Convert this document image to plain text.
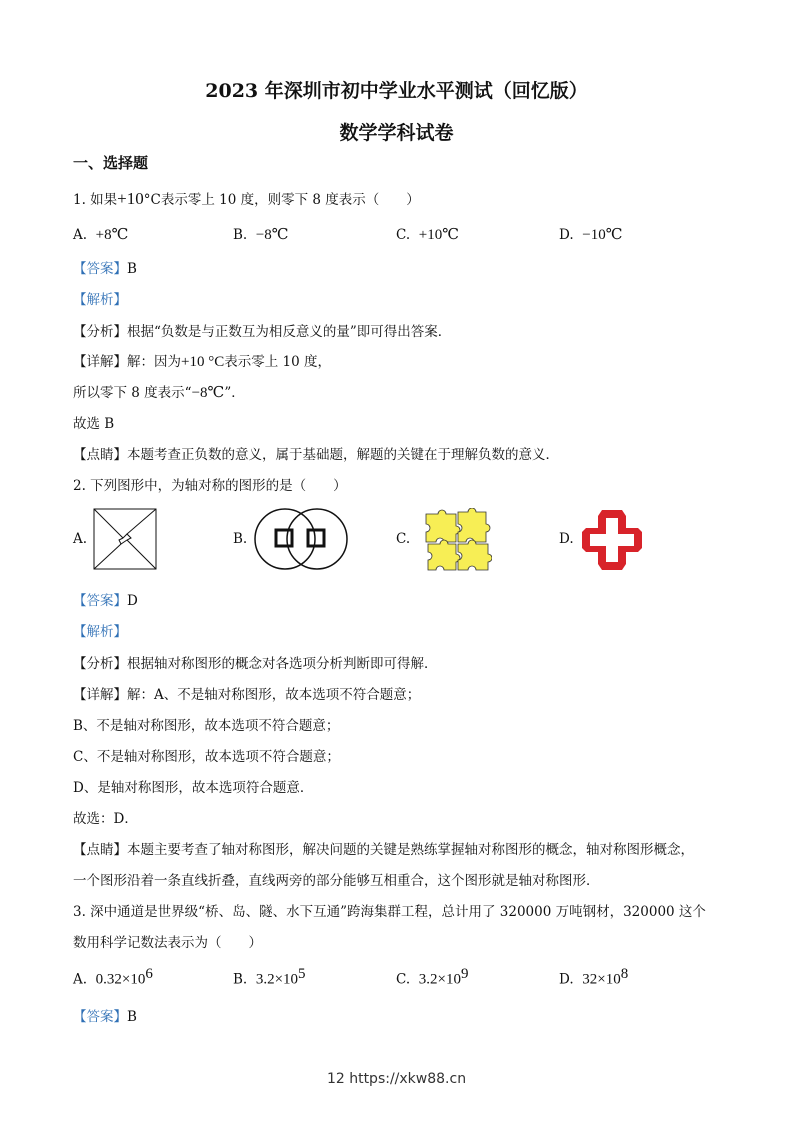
2023 年深圳市初中学业水平测试（回忆版）
数学学科试卷
一、选择题
1. 如果+10°C表示零上 10 度，则零下 8 度表示（　　）
A. +8℃	B. −8℃	C. +10℃	D. −10℃
【答案】B
【解析】
【分析】根据“负数是与正数互为相反意义的量”即可得出答案．
【详解】解：因为+10 °C表示零上 10 度，
所以零下 8 度表示“−8℃”．
故选 B
【点睛】本题考查正负数的意义，属于基础题，解题的关键在于理解负数的意义．
2. 下列图形中，为轴对称的图形的是（　　）
A.	B.	C.	D.
【答案】D
【解析】
【分析】根据轴对称图形的概念对各选项分析判断即可得解．
【详解】解：A、不是轴对称图形，故本选项不符合题意；
B、不是轴对称图形，故本选项不符合题意；
C、不是轴对称图形，故本选项不符合题意；
D、是轴对称图形，故本选项符合题意．
故选：D．
【点睛】本题主要考查了轴对称图形，解决问题的关键是熟练掌握轴对称图形的概念，轴对称图形概念，
一个图形沿着一条直线折叠，直线两旁的部分能够互相重合，这个图形就是轴对称图形．
3. 深中通道是世界级“桥、岛、隧、水下互通”跨海集群工程，总计用了 320000 万吨钢材，320000 这个
数用科学记数法表示为（　　）
A. $0.32\times 10^6$	B. $3.2\times 10^5$	C. $3.2\times 10^9$	D. $32\times 10^8$
【答案】B
12 https://xkw88.cn
